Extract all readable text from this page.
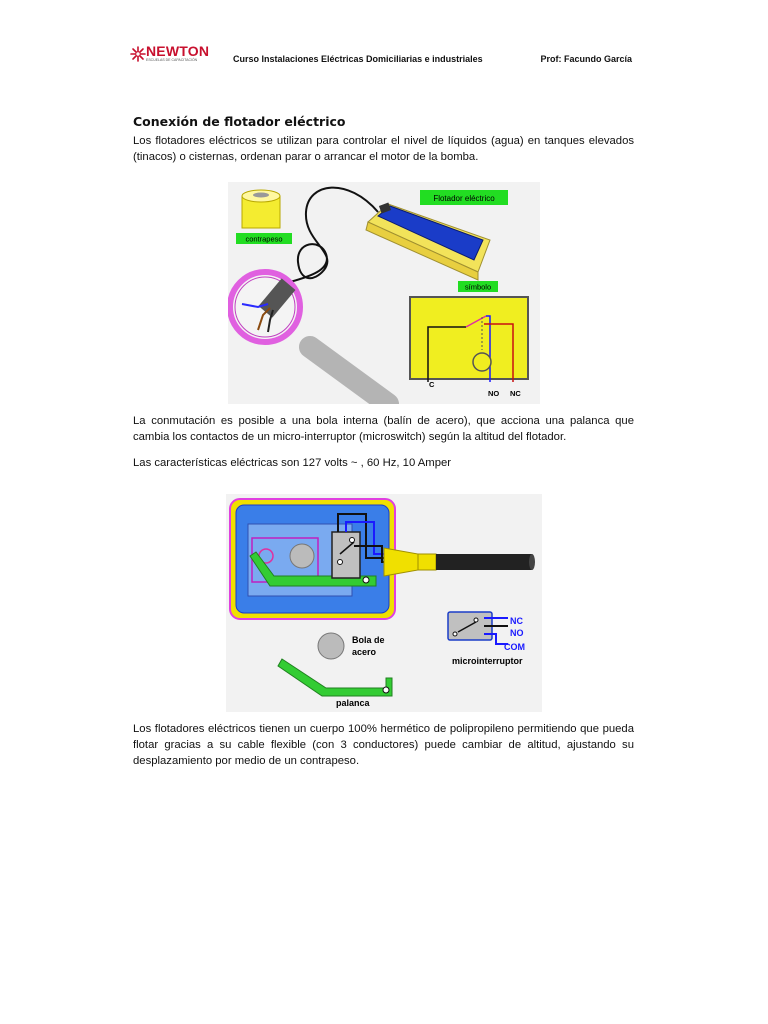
NEWTON
ESCUELAS DE CAPACITACIÓN	Curso Instalaciones Eléctricas Domiciliarias e industriales	Prof: Facundo García
Conexión de flotador eléctrico

Los flotadores eléctricos se utilizan para controlar el nivel de líquidos (agua) en tanques elevados (tinacos) o cisternas, ordenan parar o arrancar el motor de la bomba.

contrapeso
Flotador eléctrico
símbolo
C
NO NC

La conmutación es posible a una bola interna (balín de acero), que acciona una palanca que cambia los contactos de un micro-interruptor (microswitch) según la altitud del flotador.

Las características eléctricas son 127 volts ~ , 60 Hz, 10 Amper

NC
NO
COM
microinterruptor
Bola de
acero
palanca

Los flotadores eléctricos tienen un cuerpo 100% hermético de polipropileno permitiendo que pueda flotar gracias a su cable flexible (con 3 conductores) puede cambiar de altitud, ajustando su desplazamiento por medio de un contrapeso.
